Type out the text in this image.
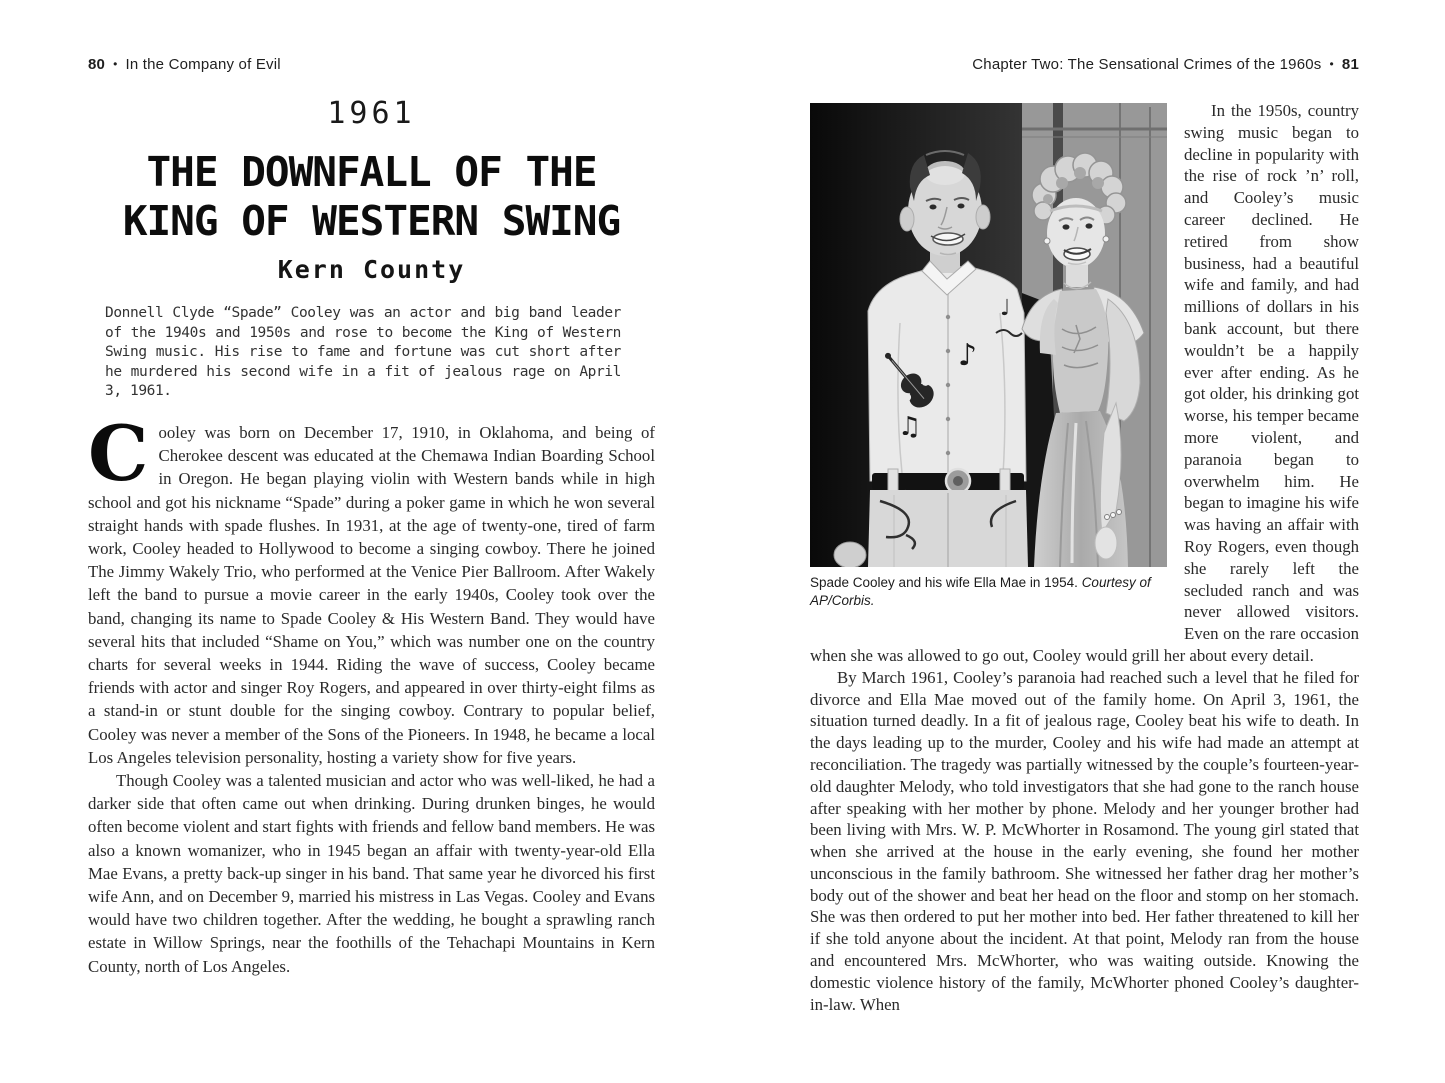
80 • In the Company of Evil	Chapter Two: The Sensational Crimes of the 1960s • 81
1961
THE DOWNFALL OF THE
KING OF WESTERN SWING
Kern County
Donnell Clyde “Spade” Cooley was an actor and big band leader of the 1940s and 1950s and rose to become the King of Western Swing music. His rise to fame and fortune was cut short after he murdered his second wife in a fit of jealous rage on April 3, 1961.

Cooley was born on December 17, 1910, in Oklahoma, and being of Cherokee descent was educated at the Chemawa Indian Boarding School in Oregon. He began playing violin with Western bands while in high school and got his nickname “Spade” during a poker game in which he won several straight hands with spade flushes. In 1931, at the age of twenty-one, tired of farm work, Cooley headed to Hollywood to become a singing cowboy. There he joined The Jimmy Wakely Trio, who performed at the Venice Pier Ballroom. After Wakely left the band to pursue a movie career in the early 1940s, Cooley took over the band, changing its name to Spade Cooley & His Western Band. They would have several hits that included “Shame on You,” which was number one on the country charts for several weeks in 1944. Riding the wave of success, Cooley became friends with actor and singer Roy Rogers, and appeared in over thirty-eight films as a stand-in or stunt double for the singing cowboy. Contrary to popular belief, Cooley was never a member of the Sons of the Pioneers. In 1948, he became a local Los Angeles television personality, hosting a variety show for five years.

Though Cooley was a talented musician and actor who was well-liked, he had a darker side that often came out when drinking. During drunken binges, he would often become violent and start fights with friends and fellow band members. He was also a known womanizer, who in 1945 began an affair with twenty-year-old Ella Mae Evans, a pretty back-up singer in his band. That same year he divorced his first wife Ann, and on December 9, married his mistress in Las Vegas. Cooley and Evans would have two children together. After the wedding, he bought a sprawling ranch estate in Willow Springs, near the foothills of the Tehachapi Mountains in Kern County, north of Los Angeles.

♪
♫
♩
Spade Cooley and his wife Ella Mae in 1954. Courtesy of AP/Corbis.

In the 1950s, country swing music began to decline in popularity with the rise of rock ’n’ roll, and Cooley’s music career declined. He retired from show business, had a beautiful wife and family, and had millions of dollars in his bank account, but there wouldn’t be a happily ever after ending. As he got older, his drinking got worse, his temper became more violent, and paranoia began to overwhelm him. He began to imagine his wife was having an affair with Roy Rogers, even though she rarely left the secluded ranch and was never allowed visitors. Even on the rare occasion when she was allowed to go out, Cooley would grill her about every detail.

By March 1961, Cooley’s paranoia had reached such a level that he filed for divorce and Ella Mae moved out of the family home. On April 3, 1961, the situation turned deadly. In a fit of jealous rage, Cooley beat his wife to death. In the days leading up to the murder, Cooley and his wife had made an attempt at reconciliation. The tragedy was partially witnessed by the couple’s fourteen-year-old daughter Melody, who told investigators that she had gone to the ranch house after speaking with her mother by phone. Melody and her younger brother had been living with Mrs. W. P. McWhorter in Rosamond. The young girl stated that when she arrived at the house in the early evening, she found her mother unconscious in the family bathroom. She witnessed her father drag her mother’s body out of the shower and beat her head on the floor and stomp on her stomach. She was then ordered to put her mother into bed. Her father threatened to kill her if she told anyone about the incident. At that point, Melody ran from the house and encountered Mrs. McWhorter, who was waiting outside. Knowing the domestic violence history of the family, McWhorter phoned Cooley’s daughter-in-law. When
